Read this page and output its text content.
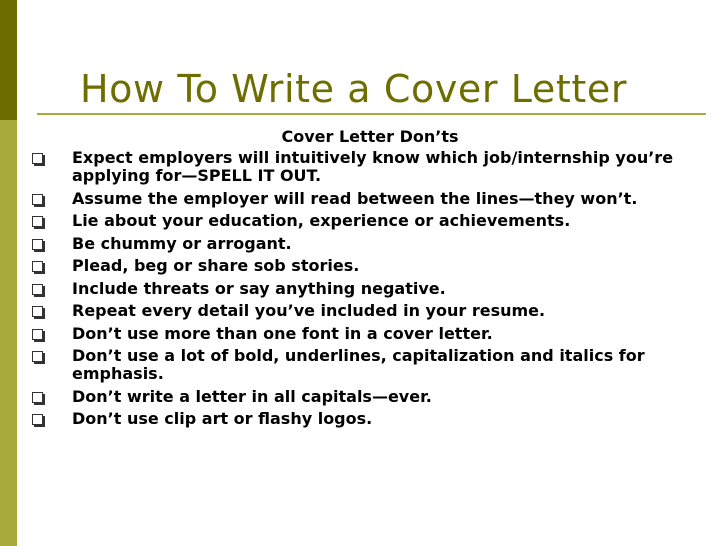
How To Write a Cover Letter
Cover Letter Don’ts
Expect employers will intuitively know which job/internship you’re applying for—SPELL IT OUT.
Assume the employer will read between the lines—they won’t.
Lie about your education, experience or achievements.
Be chummy or arrogant.
Plead, beg or share sob stories.
Include threats or say anything negative.
Repeat every detail you’ve included in your resume.
Don’t use more than one font in a cover letter.
Don’t use a lot of bold, underlines, capitalization and italics for emphasis.
Don’t write a letter in all capitals—ever.
Don’t use clip art or flashy logos.
